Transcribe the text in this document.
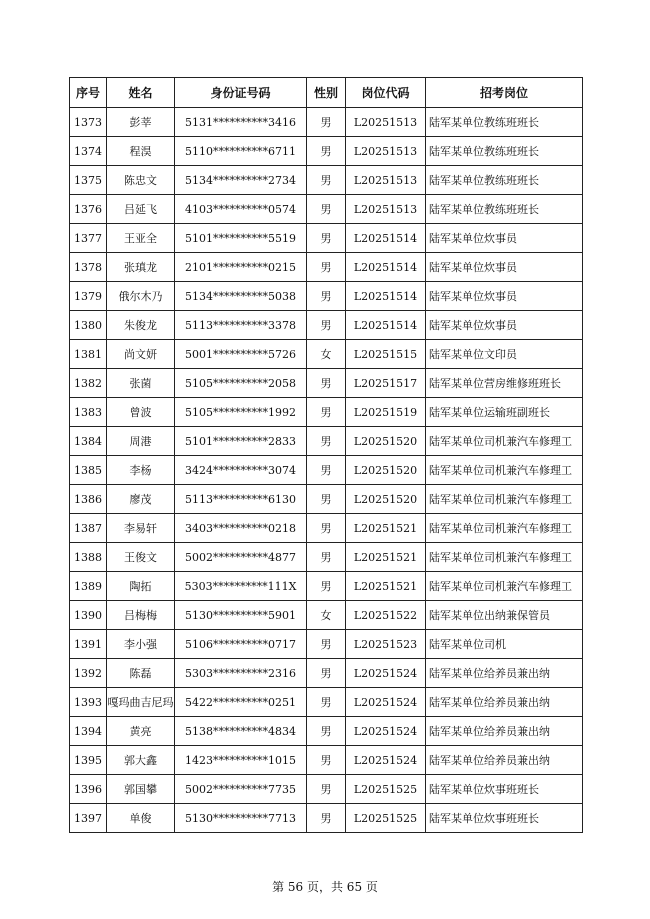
序号	姓名	身份证号码	性别	岗位代码	招考岗位
1373	彭莘	5131**********3416	男	L20251513	陆军某单位教练班班长
1374	程淏	5110**********6711	男	L20251513	陆军某单位教练班班长
1375	陈忠文	5134**********2734	男	L20251513	陆军某单位教练班班长
1376	吕延飞	4103**********0574	男	L20251513	陆军某单位教练班班长
1377	王亚全	5101**********5519	男	L20251514	陆军某单位炊事员
1378	张瑱龙	2101**********0215	男	L20251514	陆军某单位炊事员
1379	俄尔木乃	5134**********5038	男	L20251514	陆军某单位炊事员
1380	朱俊龙	5113**********3378	男	L20251514	陆军某单位炊事员
1381	尚文妍	5001**********5726	女	L20251515	陆军某单位文印员
1382	张菌	5105**********2058	男	L20251517	陆军某单位营房维修班班长
1383	曾波	5105**********1992	男	L20251519	陆军某单位运输班副班长
1384	周港	5101**********2833	男	L20251520	陆军某单位司机兼汽车修理工
1385	李杨	3424**********3074	男	L20251520	陆军某单位司机兼汽车修理工
1386	廖茂	5113**********6130	男	L20251520	陆军某单位司机兼汽车修理工
1387	李易轩	3403**********0218	男	L20251521	陆军某单位司机兼汽车修理工
1388	王俊文	5002**********4877	男	L20251521	陆军某单位司机兼汽车修理工
1389	陶拓	5303**********111X	男	L20251521	陆军某单位司机兼汽车修理工
1390	吕梅梅	5130**********5901	女	L20251522	陆军某单位出纳兼保管员
1391	李小强	5106**********0717	男	L20251523	陆军某单位司机
1392	陈磊	5303**********2316	男	L20251524	陆军某单位给养员兼出纳
1393	嘎玛曲吉尼玛	5422**********0251	男	L20251524	陆军某单位给养员兼出纳
1394	黄亮	5138**********4834	男	L20251524	陆军某单位给养员兼出纳
1395	郭大鑫	1423**********1015	男	L20251524	陆军某单位给养员兼出纳
1396	郭国攀	5002**********7735	男	L20251525	陆军某单位炊事班班长
1397	单俊	5130**********7713	男	L20251525	陆军某单位炊事班班长
第 56 页，共 65 页
